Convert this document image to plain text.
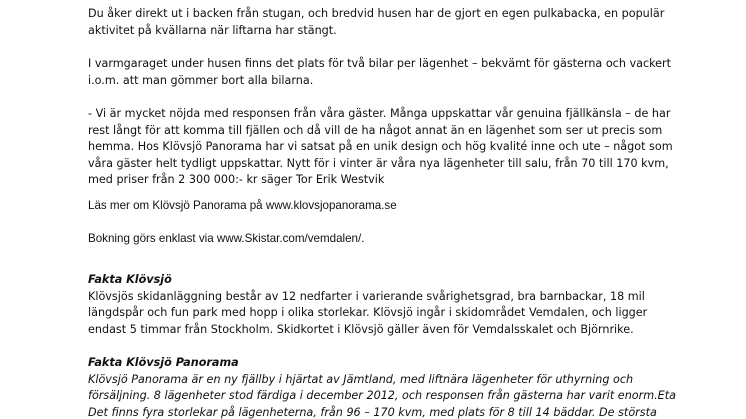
Du åker direkt ut i backen från stugan, och bredvid husen har de gjort en egen pulkabacka, en populär
aktivitet på kvällarna när liftarna har stängt.

I varmgaraget under husen finns det plats för två bilar per lägenhet – bekvämt för gästerna och vackert
i.o.m. att man gömmer bort alla bilarna.

- Vi är mycket nöjda med responsen från våra gäster. Många uppskattar vår genuina fjällkänsla – de har
rest långt för att komma till fjällen och då vill de ha något annat än en lägenhet som ser ut precis som
hemma. Hos Klövsjö Panorama har vi satsat på en unik design och hög kvalité inne och ute – något som
våra gäster helt tydligt uppskattar. Nytt för i vinter är våra nya lägenheter till salu, från 70 till 170 kvm,
med priser från 2 300 000:- kr säger Tor Erik Westvik

Läs mer om Klövsjö Panorama på www.klovsjopanorama.se

Bokning görs enklast via www.Skistar.com/vemdalen/.

Fakta Klövsjö
Klövsjös skidanläggning består av 12 nedfarter i varierande svårighetsgrad, bra barnbackar, 18 mil
längdspår och fun park med hopp i olika storlekar. Klövsjö ingår i skidområdet Vemdalen, och ligger
endast 5 timmar från Stockholm. Skidkortet i Klövsjö gäller även för Vemdalsskalet och Björnrike.
Fakta Klövsjö Panorama
Klövsjö Panorama är en ny fjällby i hjärtat av Jämtland, med liftnära lägenheter för uthyrning och
försäljning. 8 lägenheter stod färdiga i december 2012, och responsen från gästerna har varit enorm.Eta
Det finns fyra storlekar på lägenheterna, från 96 – 170 kvm, med plats för 8 till 14 bäddar. De största
